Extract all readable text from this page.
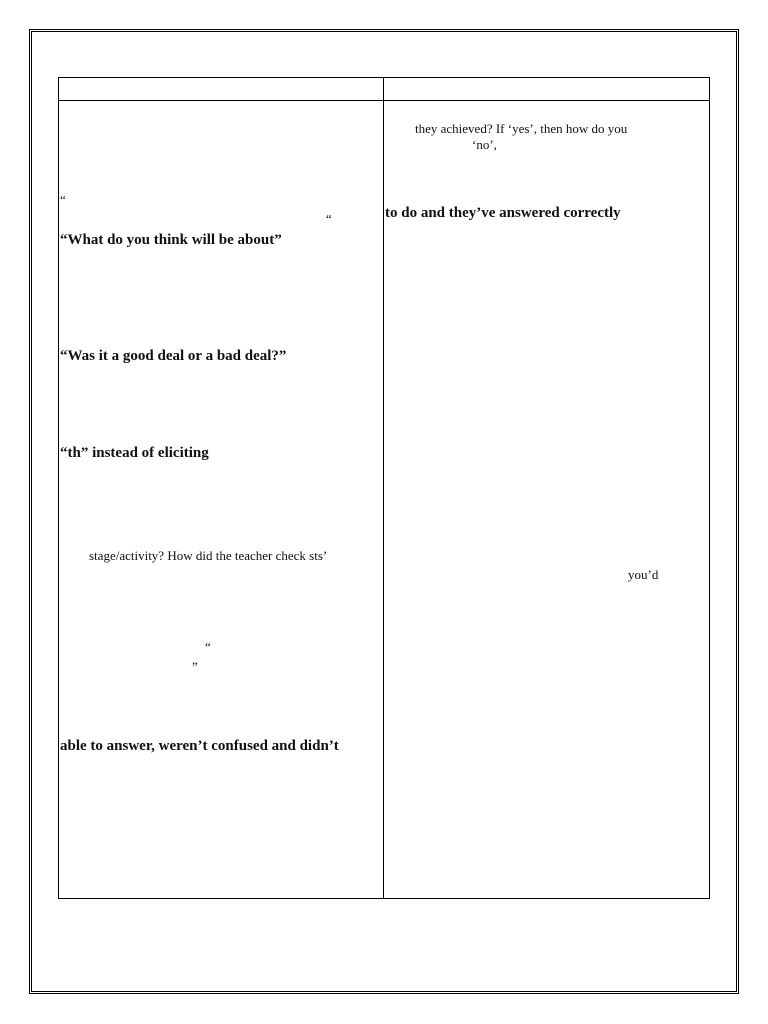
“
“
“What do you think will be about”
“Was it a good deal or a bad deal?”
“th” instead of eliciting
stage/activity? How did the teacher check sts’
“
”
able to answer, weren’t confused and didn’t
they achieved? If ‘yes’, then how do you
‘no’,
to do and they’ve answered correctly
you’d
